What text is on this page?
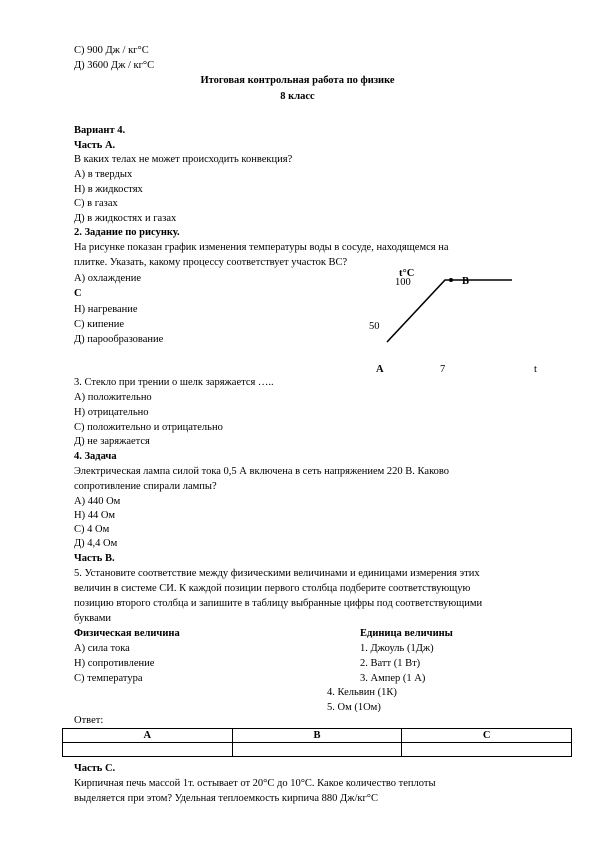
С) 900 Дж / кг°С
Д) 3600 Дж / кг°С
Итоговая контрольная работа по физике
8 класс
Вариант 4.
Часть А.
В каких телах не может происходить конвекция?
А) в твердых
Н) в жидкостях
С) в газах
Д) в жидкостях и газах
2. Задание по рисунку.
На рисунке показан график изменения температуры воды в сосуде, находящемся на
плитке. Указать, какому процессу соответствует участок ВС?
А) охлаждение
С
Н) нагревание
С) кипение
Д) парообразование
t°C
100	В
50
А	7	t
3. Стекло при трении о шелк заряжается …..
А) положительно
Н) отрицательно
С) положительно и отрицательно
Д) не заряжается
4. Задача
Электрическая лампа силой тока 0,5 А включена в сеть напряжением 220 В. Каково
сопротивление спирали лампы?
А) 440 Ом
Н) 44 Ом
С) 4 Ом
Д) 4,4 Ом
Часть В.
5. Установите соответствие между физическими величинами и единицами измерения этих
величин в системе СИ. К каждой позиции первого столбца подберите соответствующую
позицию второго столбца и запишите в таблицу выбранные цифры под соответствующими
буквами
Физическая величина	Единица величины
А) сила тока
Н) сопротивление
С) температура
1. Джоуль (1Дж)
2. Ватт (1 Вт)
3. Ампер (1 А)
4. Кельвин (1К)
5. Ом (1Ом)
Ответ:
А	В	С

Часть С.
Кирпичная печь массой 1т. остывает от 20°С до 10°С. Какое количество теплоты
выделяется при этом? Удельная теплоемкость кирпича 880 Дж/кг°С
